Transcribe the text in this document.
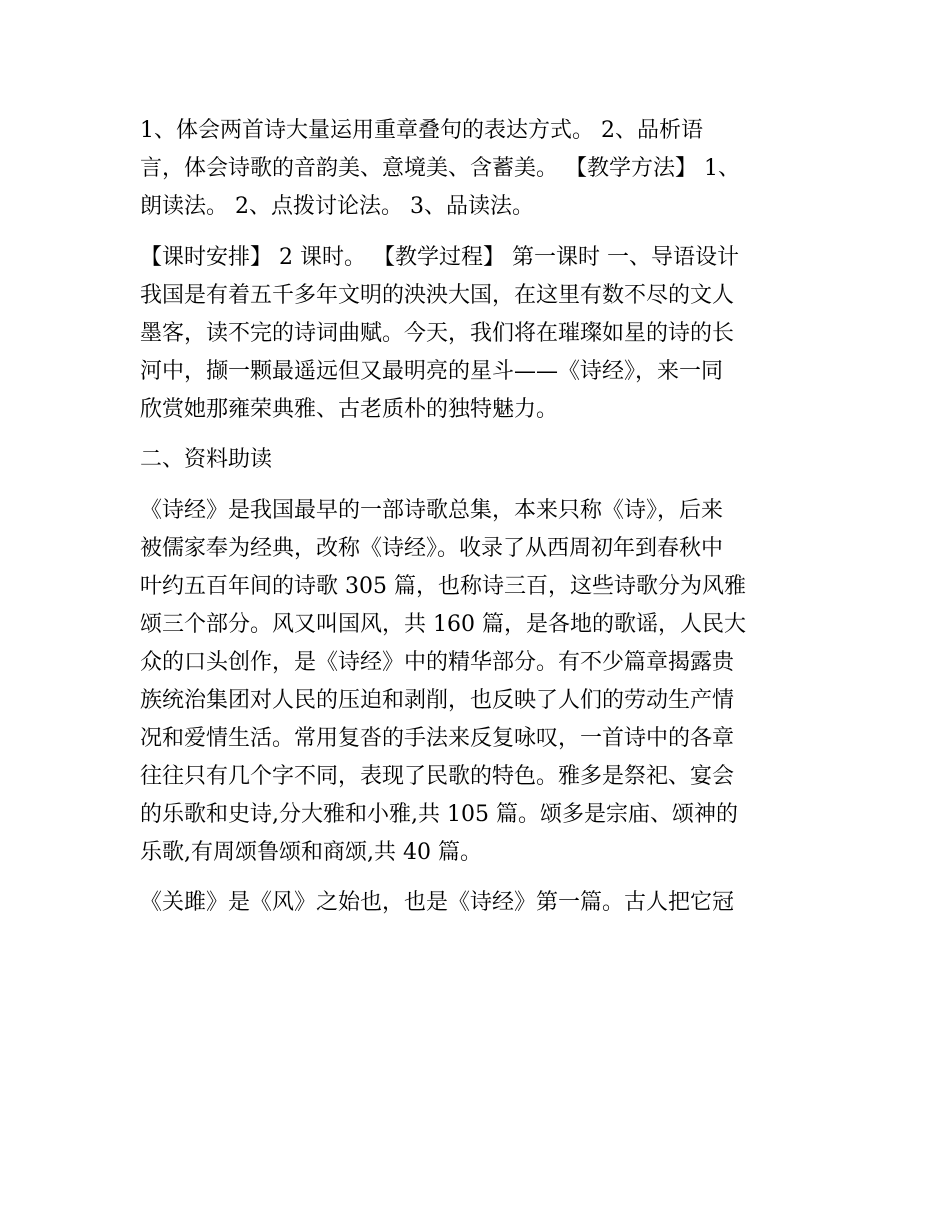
1、体会两首诗大量运用重章叠句的表达方式。 2、品析语
言，体会诗歌的音韵美、意境美、含蓄美。 【教学方法】 1、
朗读法。 2、点拨讨论法。 3、品读法。

【课时安排】 2 课时。 【教学过程】 第一课时 一、导语设计
我国是有着五千多年文明的泱泱大国，在这里有数不尽的文人
墨客，读不完的诗词曲赋。今天，我们将在璀璨如星的诗的长
河中，撷一颗最遥远但又最明亮的星斗——《诗经》，来一同
欣赏她那雍荣典雅、古老质朴的独特魅力。

二、资料助读

《诗经》是我国最早的一部诗歌总集，本来只称《诗》，后来
被儒家奉为经典，改称《诗经》。收录了从西周初年到春秋中
叶约五百年间的诗歌 305 篇，也称诗三百，这些诗歌分为风雅
颂三个部分。风又叫国风，共 160 篇，是各地的歌谣，人民大
众的口头创作，是《诗经》中的精华部分。有不少篇章揭露贵
族统治集团对人民的压迫和剥削，也反映了人们的劳动生产情
况和爱情生活。常用复沓的手法来反复咏叹，一首诗中的各章
往往只有几个字不同，表现了民歌的特色。雅多是祭祀、宴会
的乐歌和史诗,分大雅和小雅,共 105 篇。颂多是宗庙、颂神的
乐歌,有周颂鲁颂和商颂,共 40 篇。

《关雎》是《风》之始也，也是《诗经》第一篇。古人把它冠
